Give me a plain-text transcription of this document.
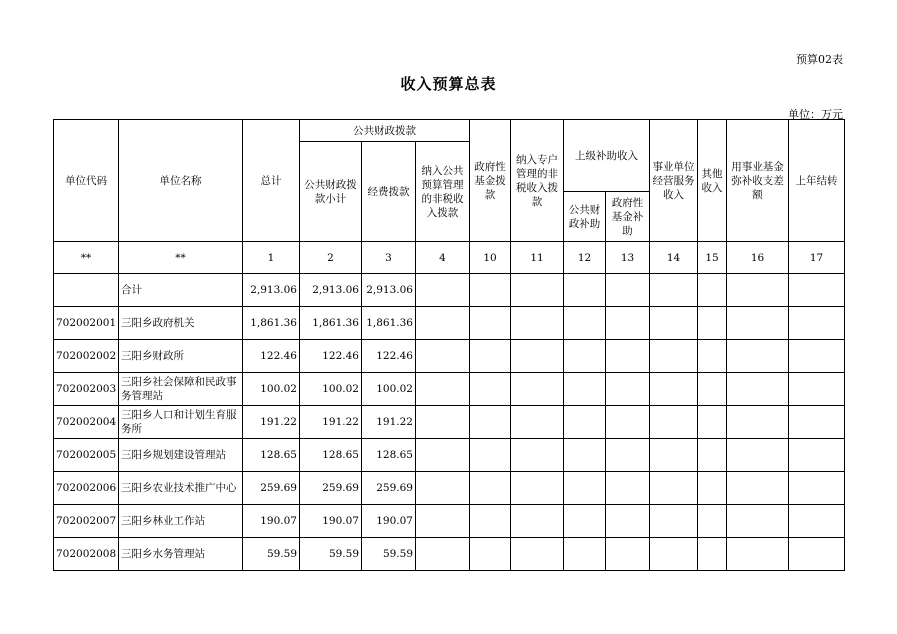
预算02表
收入预算总表
单位：万元
单位代码	单位名称	总计	公共财政拨款			政府性基金拨款	纳入专户管理的非税收入拨款	上级补助收入		事业单位经营服务收入	其他收入	用事业基金弥补收支差额	上年结转
			公共财政拨款小计	经费拨款	纳入公共预算管理的非税收入拨款								
								公共财政补助	政府性基金补助				
**	**	1	2	3	4	10	11	12	13	14	15	16	17
	合计	2,913.06	2,913.06	2,913.06									
702002001	三阳乡政府机关	1,861.36	1,861.36	1,861.36									
702002002	三阳乡财政所	122.46	122.46	122.46									
702002003	三阳乡社会保障和民政事务管理站	100.02	100.02	100.02									
702002004	三阳乡人口和计划生育服务所	191.22	191.22	191.22									
702002005	三阳乡规划建设管理站	128.65	128.65	128.65									
702002006	三阳乡农业技术推广中心	259.69	259.69	259.69									
702002007	三阳乡林业工作站	190.07	190.07	190.07									
702002008	三阳乡水务管理站	59.59	59.59	59.59									
